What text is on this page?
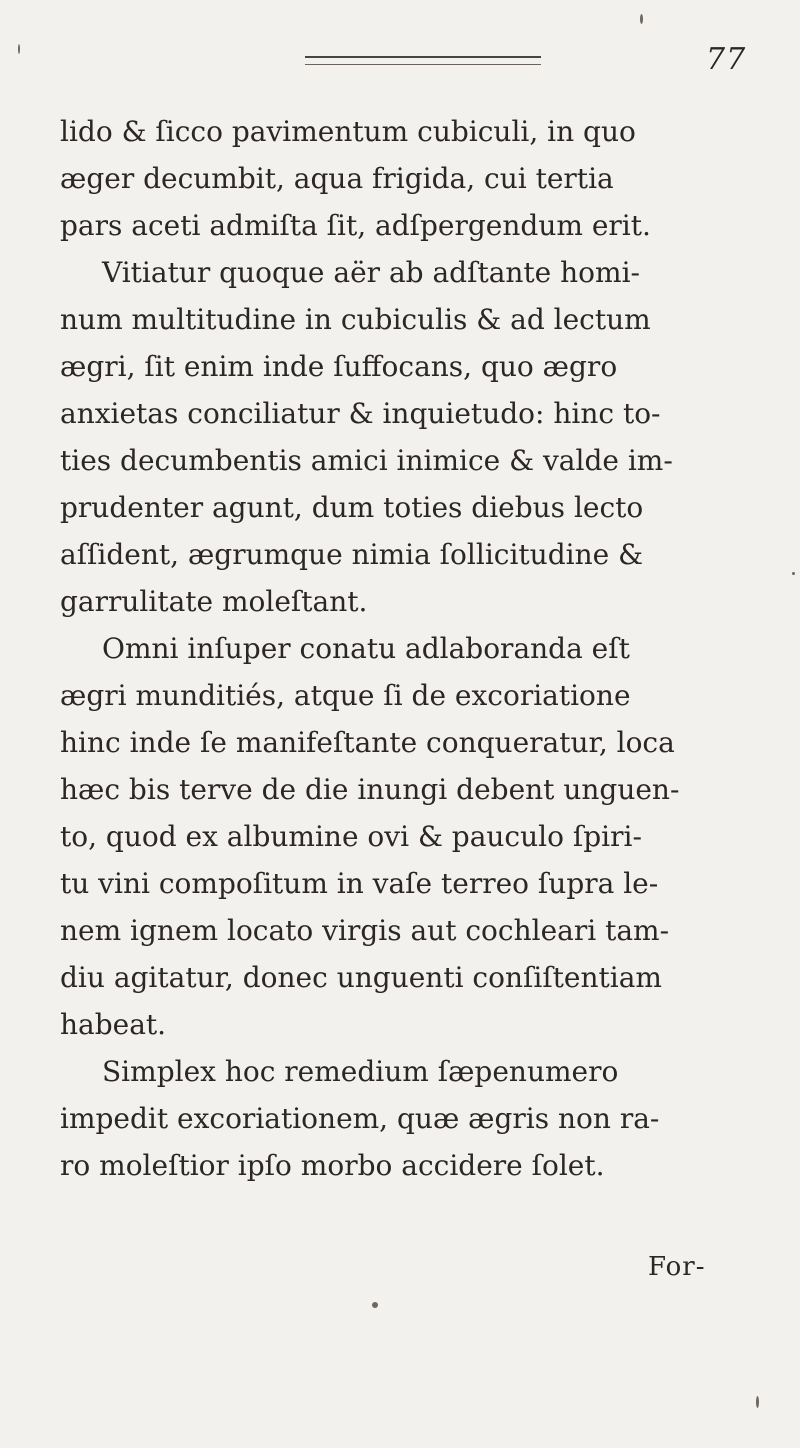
77
lido & ſicco pavimentum cubiculi, in quo
æger decumbit, aqua frigida, cui tertia
pars aceti admiſta ſit, adſpergendum erit.
Vitiatur quoque aër ab adſtante homi-
num multitudine in cubiculis & ad lectum
ægri, ſit enim inde ſuffocans, quo ægro
anxietas conciliatur & inquietudo: hinc to-
ties decumbentis amici inimice & valde im-
prudenter agunt, dum toties diebus lecto
aſſident, ægrumque nimia ſollicitudine &
garrulitate moleſtant.
Omni inſuper conatu adlaboranda eſt
ægri munditiés, atque ſi de excoriatione
hinc inde ſe manifeſtante conqueratur, loca
hæc bis terve de die inungi debent unguen-
to, quod ex albumine ovi & pauculo ſpiri-
tu vini compoſitum in vaſe terreo ſupra le-
nem ignem locato virgis aut cochleari tam-
diu agitatur, donec unguenti conſiſtentiam
habeat.
Simplex hoc remedium ſæpenumero
impedit excoriationem, quæ ægris non ra-
ro moleſtior ipſo morbo accidere ſolet.
For-
